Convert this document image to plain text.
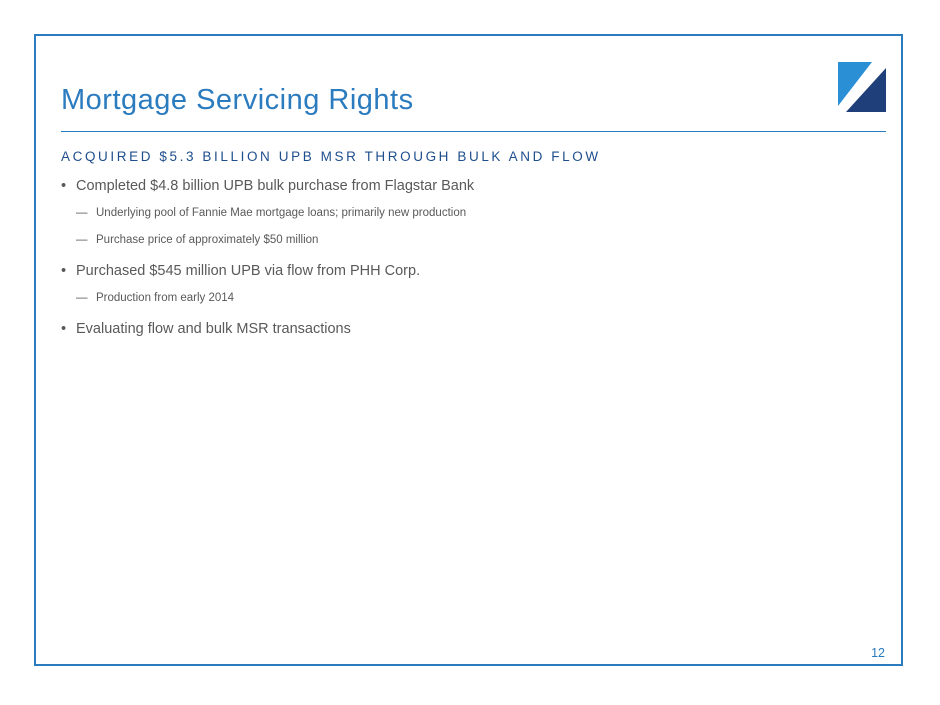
Mortgage Servicing Rights
ACQUIRED $5.3 BILLION UPB MSR THROUGH BULK AND FLOW
• Completed $4.8 billion UPB bulk purchase from Flagstar Bank
— Underlying pool of Fannie Mae mortgage loans; primarily new production
— Purchase price of approximately $50 million
• Purchased $545 million UPB via flow from PHH Corp.
— Production from early 2014
• Evaluating flow and bulk MSR transactions
12
